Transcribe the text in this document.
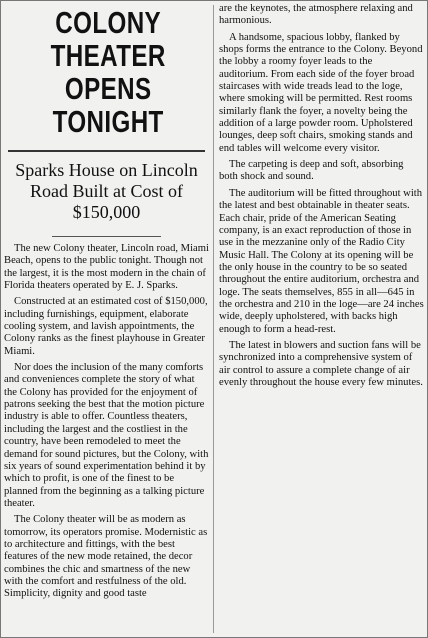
COLONY THEATER OPENS TONIGHT
Sparks House on Lincoln Road Built at Cost of $150,000

The new Colony theater, Lincoln road, Miami Beach, opens to the public tonight. Though not the largest, it is the most modern in the chain of Florida theaters operated by E. J. Sparks.

Constructed at an estimated cost of $150,000, including furnishings, equipment, elaborate cooling system, and lavish appointments, the Colony ranks as the finest playhouse in Greater Miami.

Nor does the inclusion of the many comforts and conveniences complete the story of what the Colony has provided for the enjoyment of patrons seeking the best that the motion picture industry is able to offer. Countless theaters, including the largest and the costliest in the country, have been remodeled to meet the demand for sound pictures, but the Colony, with six years of sound experimentation behind it by which to profit, is one of the finest to be planned from the beginning as a talking picture theater.

The Colony theater will be as modern as tomorrow, its operators promise. Modernistic as to architecture and fittings, with the best features of the new mode retained, the decor combines the chic and smartness of the new with the comfort and restfulness of the old. Simplicity, dignity and good taste

are the keynotes, the atmosphere relaxing and harmonious.

A handsome, spacious lobby, flanked by shops forms the entrance to the Colony. Beyond the lobby a roomy foyer leads to the auditorium. From each side of the foyer broad staircases with wide treads lead to the loge, where smoking will be permitted. Rest rooms similarly flank the foyer, a novelty being the addition of a large powder room. Upholstered lounges, deep soft chairs, smoking stands and end tables will welcome every visitor.

The carpeting is deep and soft, absorbing both shock and sound.

The auditorium will be fitted throughout with the latest and best obtainable in theater seats. Each chair, pride of the American Seating company, is an exact reproduction of those in use in the mezzanine only of the Radio City Music Hall. The Colony at its opening will be the only house in the country to be so seated throughout the entire auditorium, orchestra and loge. The seats themselves, 855 in all—645 in the orchestra and 210 in the loge—are 24 inches wide, deeply upholstered, with backs high enough to form a head-rest.

The latest in blowers and suction fans will be synchronized into a comprehensive system of air control to assure a complete change of air evenly throughout the house every few minutes.
